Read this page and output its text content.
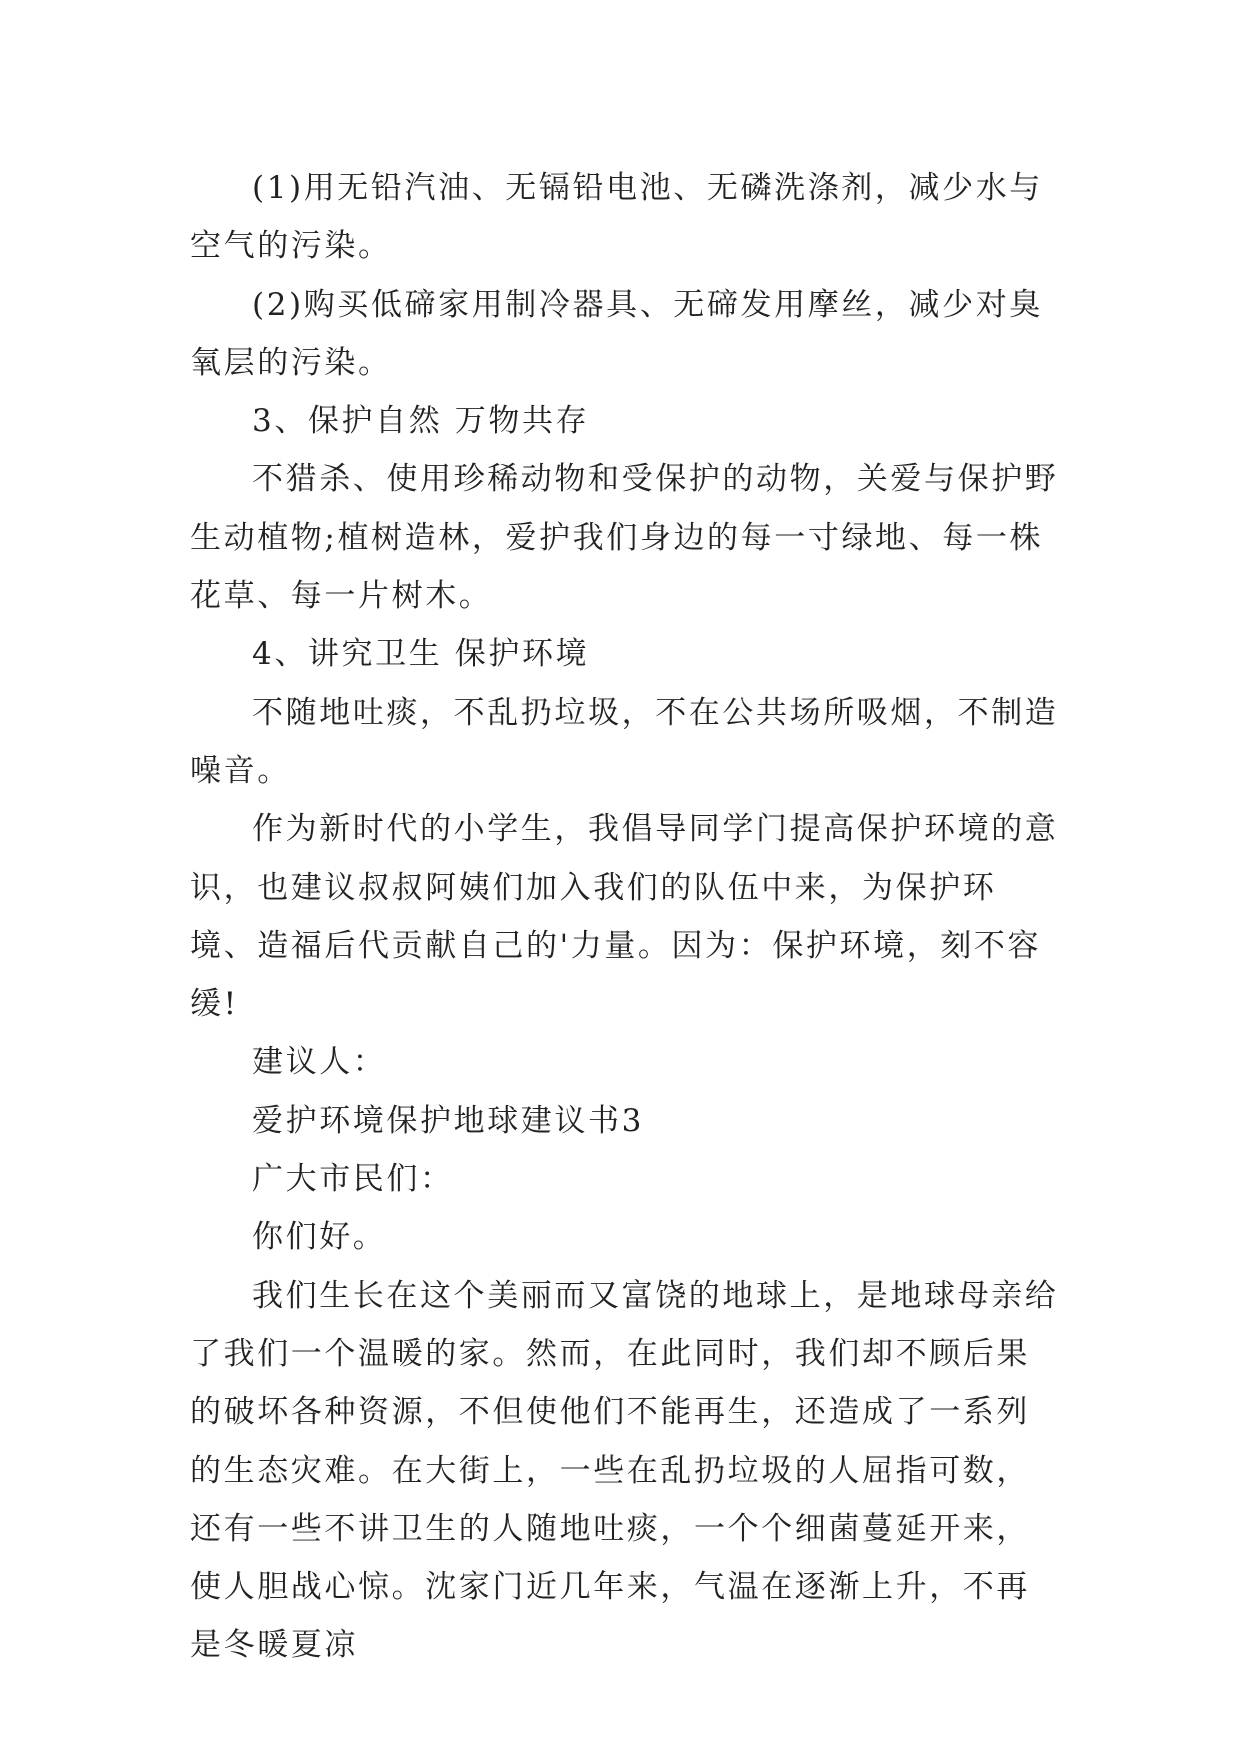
(1)用无铅汽油、无镉铅电池、无磷洗涤剂，减少水与空气的污染。

(2)购买低碲家用制冷器具、无碲发用摩丝，减少对臭氧层的污染。

3、保护自然 万物共存

不猎杀、使用珍稀动物和受保护的动物，关爱与保护野生动植物;植树造林，爱护我们身边的每一寸绿地、每一株花草、每一片树木。

4、讲究卫生 保护环境

不随地吐痰，不乱扔垃圾，不在公共场所吸烟，不制造噪音。

作为新时代的小学生，我倡导同学门提高保护环境的意识，也建议叔叔阿姨们加入我们的队伍中来，为保护环境、造福后代贡献自己的'力量。因为：保护环境，刻不容缓!

建议人：

爱护环境保护地球建议书3

广大市民们：

你们好。

我们生长在这个美丽而又富饶的地球上，是地球母亲给了我们一个温暖的家。然而，在此同时，我们却不顾后果的破坏各种资源，不但使他们不能再生，还造成了一系列的生态灾难。在大街上，一些在乱扔垃圾的人屈指可数，还有一些不讲卫生的人随地吐痰，一个个细菌蔓延开来，使人胆战心惊。沈家门近几年来，气温在逐渐上升，不再是冬暖夏凉
